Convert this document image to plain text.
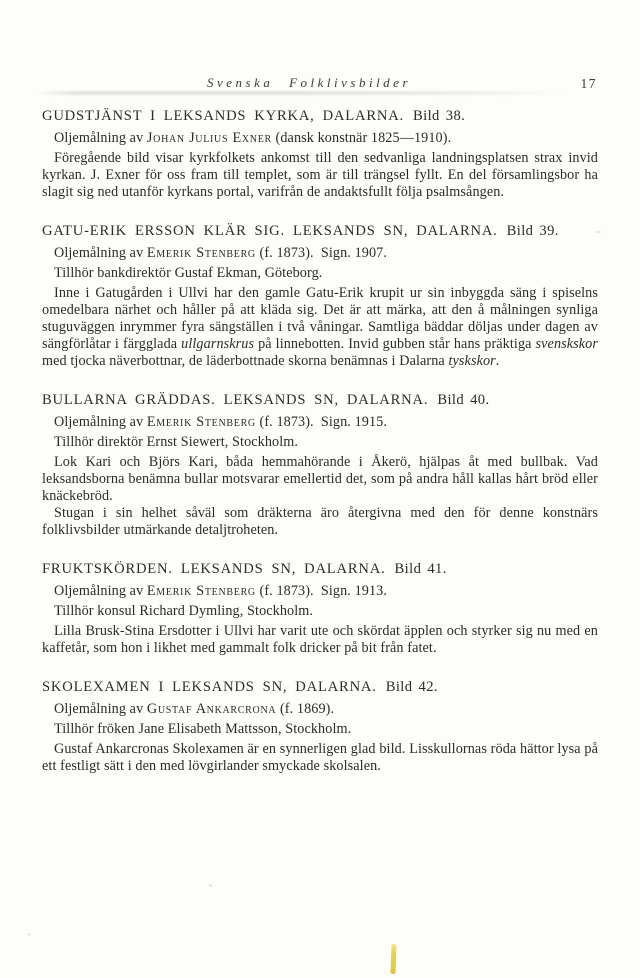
Svenska Folklivsbilder	17
GUDSTJÄNST I LEKSANDS KYRKA, DALARNA. Bild 38.

Oljemålning av Johan Julius Exner (dansk konstnär 1825—1910).

Föregående bild visar kyrkfolkets ankomst till den sedvanliga landningsplatsen strax invid kyrkan. J. Exner för oss fram till templet, som är till trängsel fyllt. En del församlingsbor ha slagit sig ned utanför kyrkans portal, varifrån de andaktsfullt följa psalmsången.

GATU-ERIK ERSSON KLÄR SIG. LEKSANDS SN, DALARNA. Bild 39.

Oljemålning av Emerik Stenberg (f. 1873). Sign. 1907.

Tillhör bankdirektör Gustaf Ekman, Göteborg.

Inne i Gatugården i Ullvi har den gamle Gatu-Erik krupit ur sin inbyggda säng i spiselns omedelbara närhet och håller på att kläda sig. Det är att märka, att den å målningen synliga stuguväggen inrymmer fyra sängställen i två våningar. Samtliga bäddar döljas under dagen av sängförlåtar i färgglada ullgarnskrus på linnebotten. Invid gubben står hans präktiga svenskskor med tjocka näverbottnar, de läderbottnade skorna benämnas i Dalarna tyskskor.

BULLARNA GRÄDDAS. LEKSANDS SN, DALARNA. Bild 40.

Oljemålning av Emerik Stenberg (f. 1873). Sign. 1915.

Tillhör direktör Ernst Siewert, Stockholm.

Lok Kari och Björs Kari, båda hemmahörande i Åkerö, hjälpas åt med bullbak. Vad leksandsborna benämna bullar motsvarar emellertid det, som på andra håll kallas hårt bröd eller knäckebröd.

Stugan i sin helhet såväl som dräkterna äro återgivna med den för denne konstnärs folklivsbilder utmärkande detaljtroheten.

FRUKTSKÖRDEN. LEKSANDS SN, DALARNA. Bild 41.

Oljemålning av Emerik Stenberg (f. 1873). Sign. 1913.

Tillhör konsul Richard Dymling, Stockholm.

Lilla Brusk-Stina Ersdotter i Ullvi har varit ute och skördat äpplen och styrker sig nu med en kaffetår, som hon i likhet med gammalt folk dricker på bit från fatet.

SKOLEXAMEN I LEKSANDS SN, DALARNA. Bild 42.

Oljemålning av Gustaf Ankarcrona (f. 1869).

Tillhör fröken Jane Elisabeth Mattsson, Stockholm.

Gustaf Ankarcronas Skolexamen är en synnerligen glad bild. Lisskullornas röda hättor lysa på ett festligt sätt i den med lövgirlander smyckade skolsalen.
